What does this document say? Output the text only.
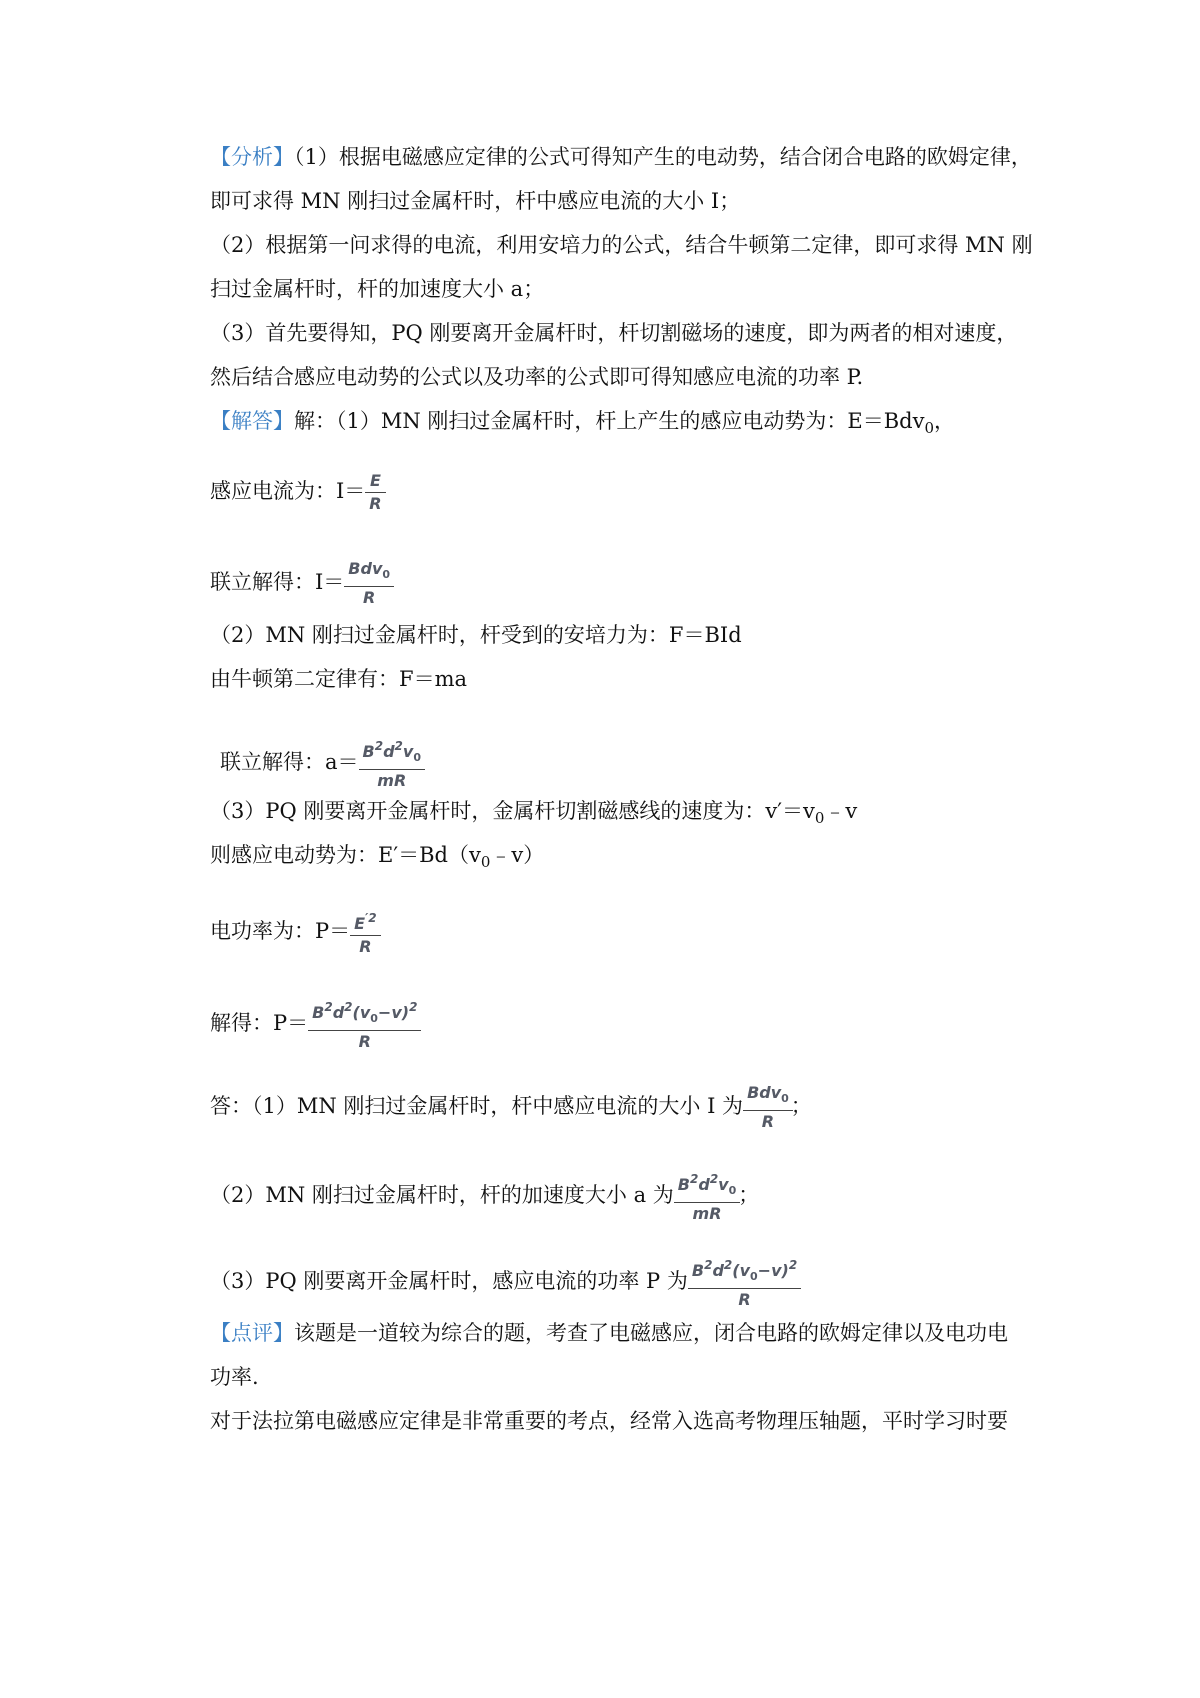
【分析】（1）根据电磁感应定律的公式可得知产生的电动势，结合闭合电路的欧姆定律，
即可求得 MN 刚扫过金属杆时，杆中感应电流的大小 I；
（2）根据第一问求得的电流，利用安培力的公式，结合牛顿第二定律，即可求得 MN 刚
扫过金属杆时，杆的加速度大小 a；
（3）首先要得知，PQ 刚要离开金属杆时，杆切割磁场的速度，即为两者的相对速度，
然后结合感应电动势的公式以及功率的公式即可得知感应电流的功率 P.
【解答】解：（1）MN 刚扫过金属杆时，杆上产生的感应电动势为：E＝Bdv$_0$，
感应电流为：$I= \frac{E}{R}$
联立解得：$I= \frac{Bdv_0}{R}$
（2）MN 刚扫过金属杆时，杆受到的安培力为：F＝BId
由牛顿第二定律有：F＝ma
联立解得：$a= \frac{B^2d^2v_0}{mR}$
（3）PQ 刚要离开金属杆时，金属杆切割磁感线的速度为：$v'=v_0﹣v$
则感应电动势为：$E'=Bd(v_0﹣v)$
电功率为：$P= \frac{E^{'2}}{R}$
解得：$P= \frac{B^2d^2(v_0-v)^2}{R}$
答：（1）MN 刚扫过金属杆时，杆中感应电流的大小 I 为 $\frac{Bdv_0}{R}$ ；
（2）MN 刚扫过金属杆时，杆的加速度大小 a 为 $\frac{B^2d^2v_0}{mR}$ ；
（3）PQ 刚要离开金属杆时，感应电流的功率 P 为 $\frac{B^2d^2(v_0-v)^2}{R}$
【点评】该题是一道较为综合的题，考查了电磁感应，闭合电路的欧姆定律以及电功电
功率.
对于法拉第电磁感应定律是非常重要的考点，经常入选高考物理压轴题，平时学习时要
